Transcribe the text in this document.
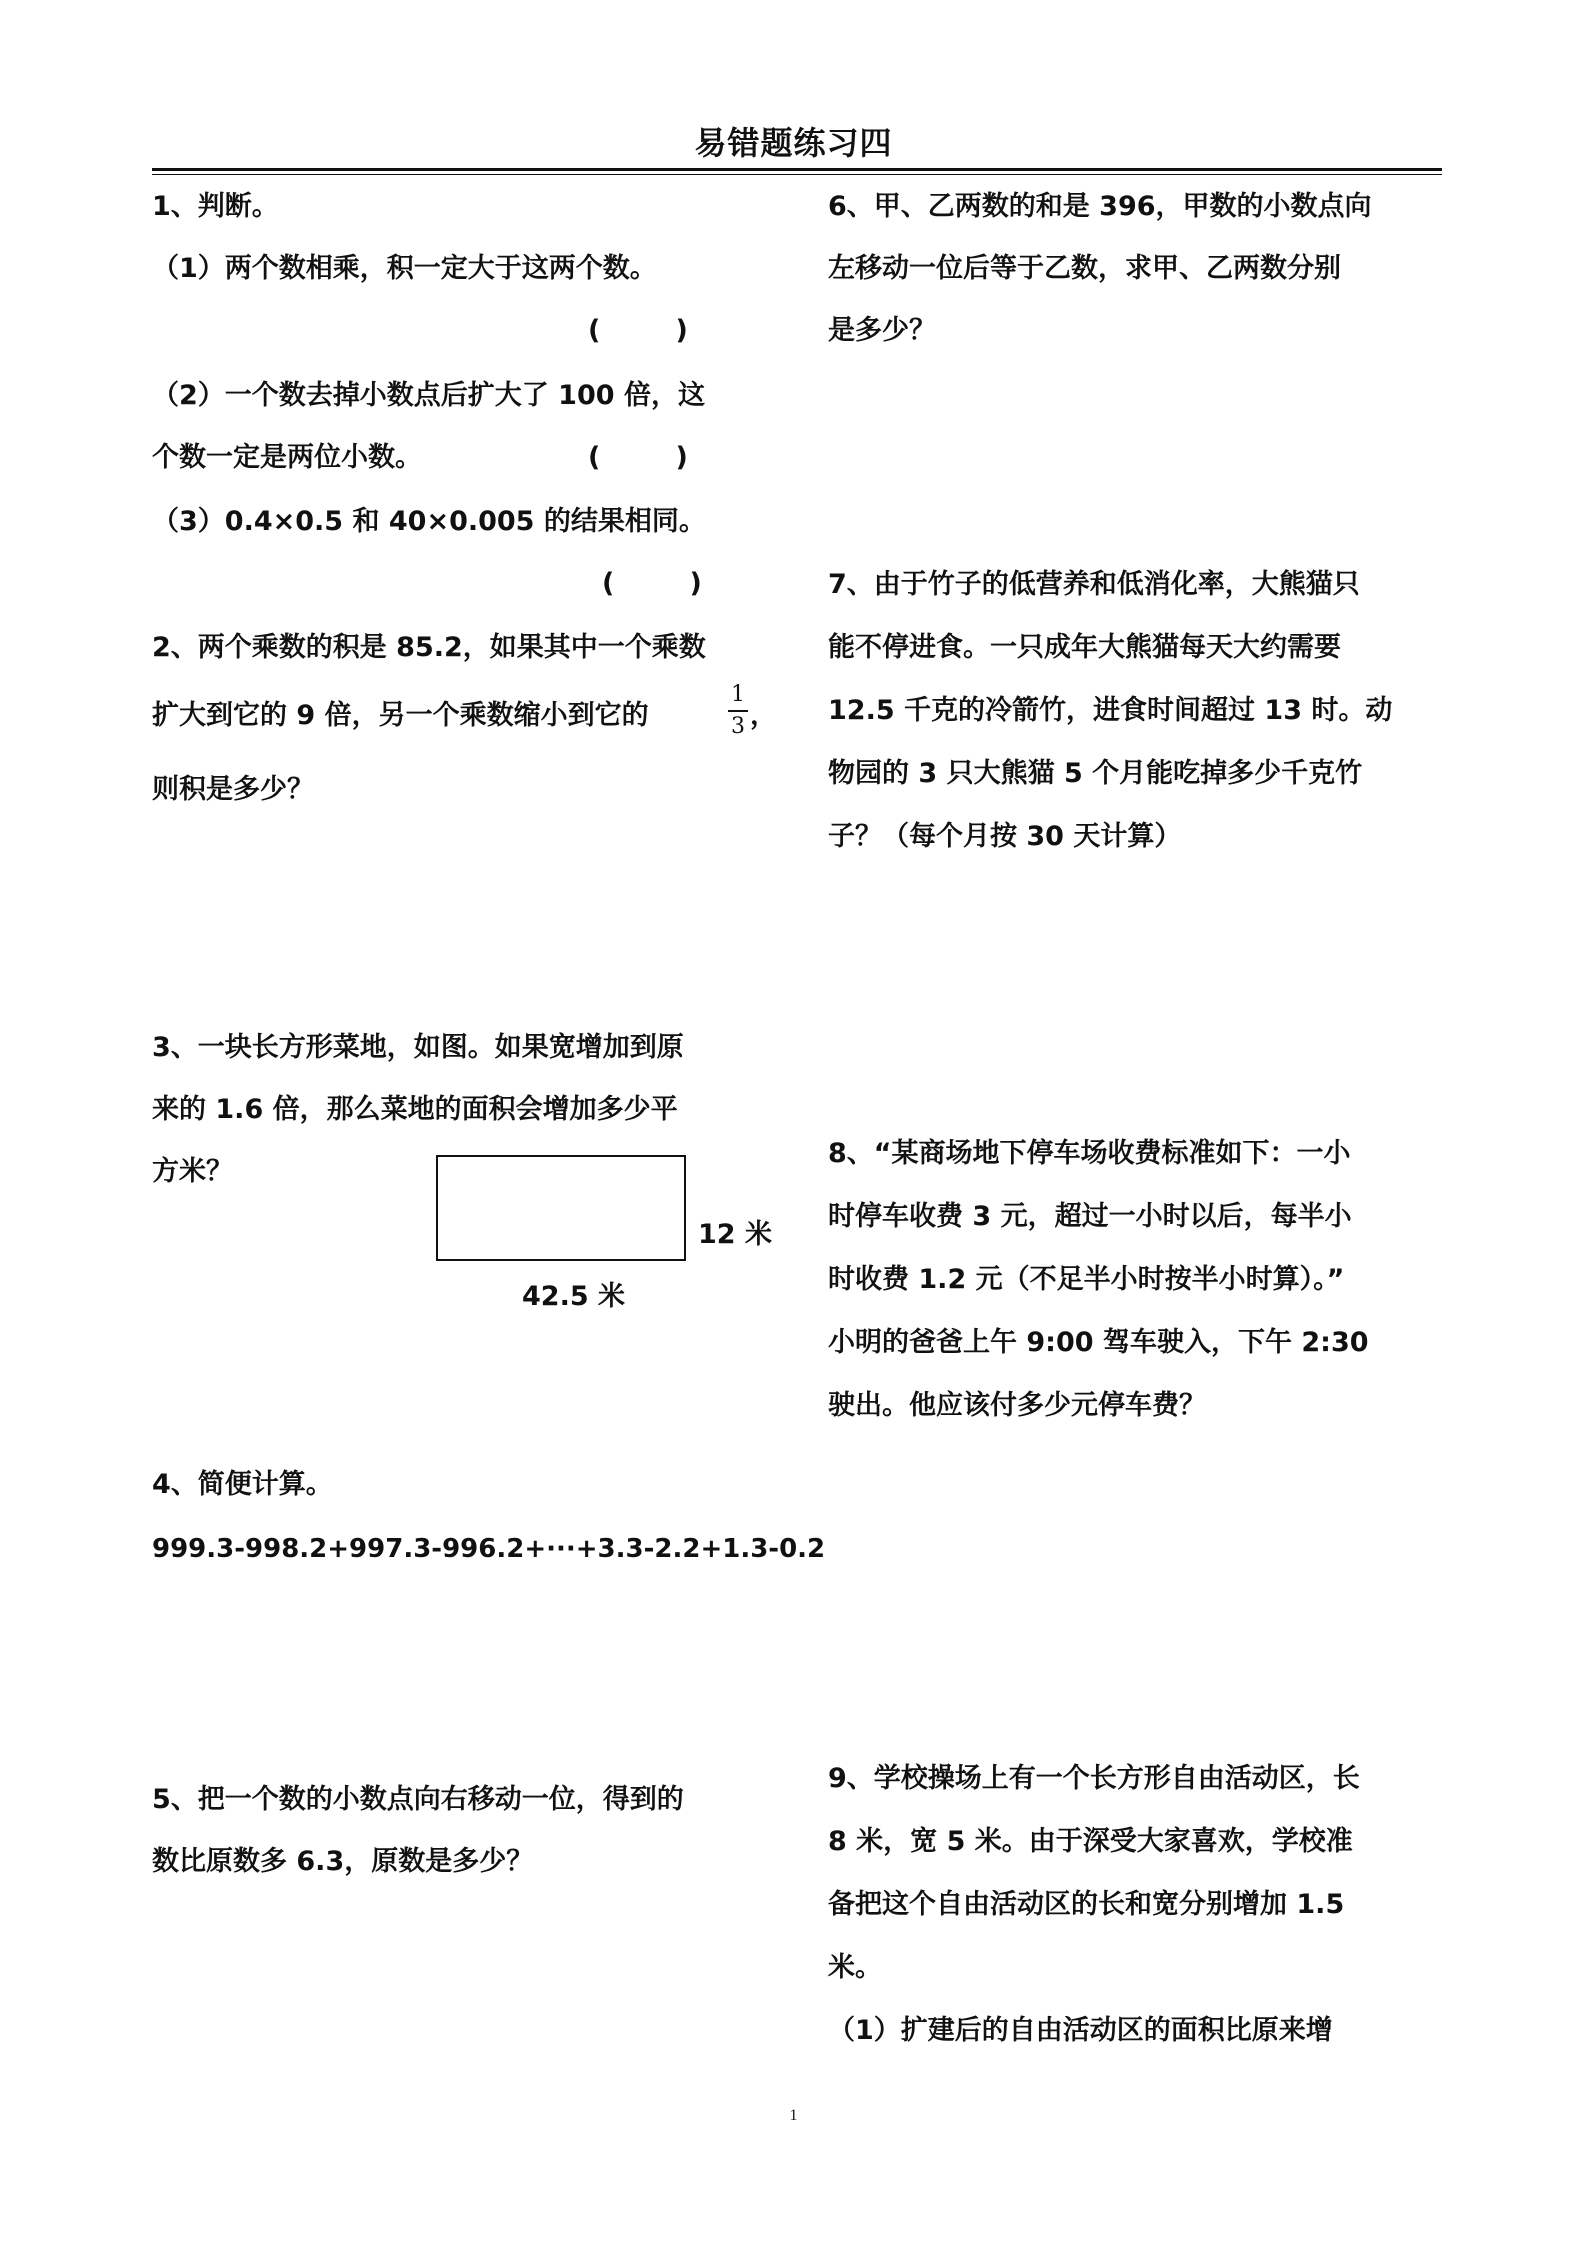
易错题练习四
1、判断。
（1）两个数相乘，积一定大于这两个数。
(        )
（2）一个数去掉小数点后扩大了 100 倍，这
个数一定是两位小数。	(        )
（3）0.4×0.5 和 40×0.005 的结果相同。
(        )
2、两个乘数的积是 85.2，如果其中一个乘数
扩大到它的 9 倍，另一个乘数缩小到它的
1
3 ，
则积是多少？
3、一块长方形菜地，如图。如果宽增加到原
来的 1.6 倍，那么菜地的面积会增加多少平
方米？
12 米
42.5 米
4、简便计算。
999.3-998.2+997.3-996.2+···+3.3-2.2+1.3-0.2
5、把一个数的小数点向右移动一位，得到的
数比原数多 6.3，原数是多少？
6、甲、乙两数的和是 396，甲数的小数点向
左移动一位后等于乙数，求甲、乙两数分别
是多少？
7、由于竹子的低营养和低消化率，大熊猫只
能不停进食。一只成年大熊猫每天大约需要
12.5 千克的冷箭竹，进食时间超过 13 时。动
物园的 3 只大熊猫 5 个月能吃掉多少千克竹
子？（每个月按 30 天计算）
8、“某商场地下停车场收费标准如下：一小
时停车收费 3 元，超过一小时以后，每半小
时收费 1.2 元（不足半小时按半小时算）。”
小明的爸爸上午 9:00 驾车驶入，下午 2:30
驶出。他应该付多少元停车费？
9、学校操场上有一个长方形自由活动区，长
8 米，宽 5 米。由于深受大家喜欢，学校准
备把这个自由活动区的长和宽分别增加 1.5
米。
（1）扩建后的自由活动区的面积比原来增
1
